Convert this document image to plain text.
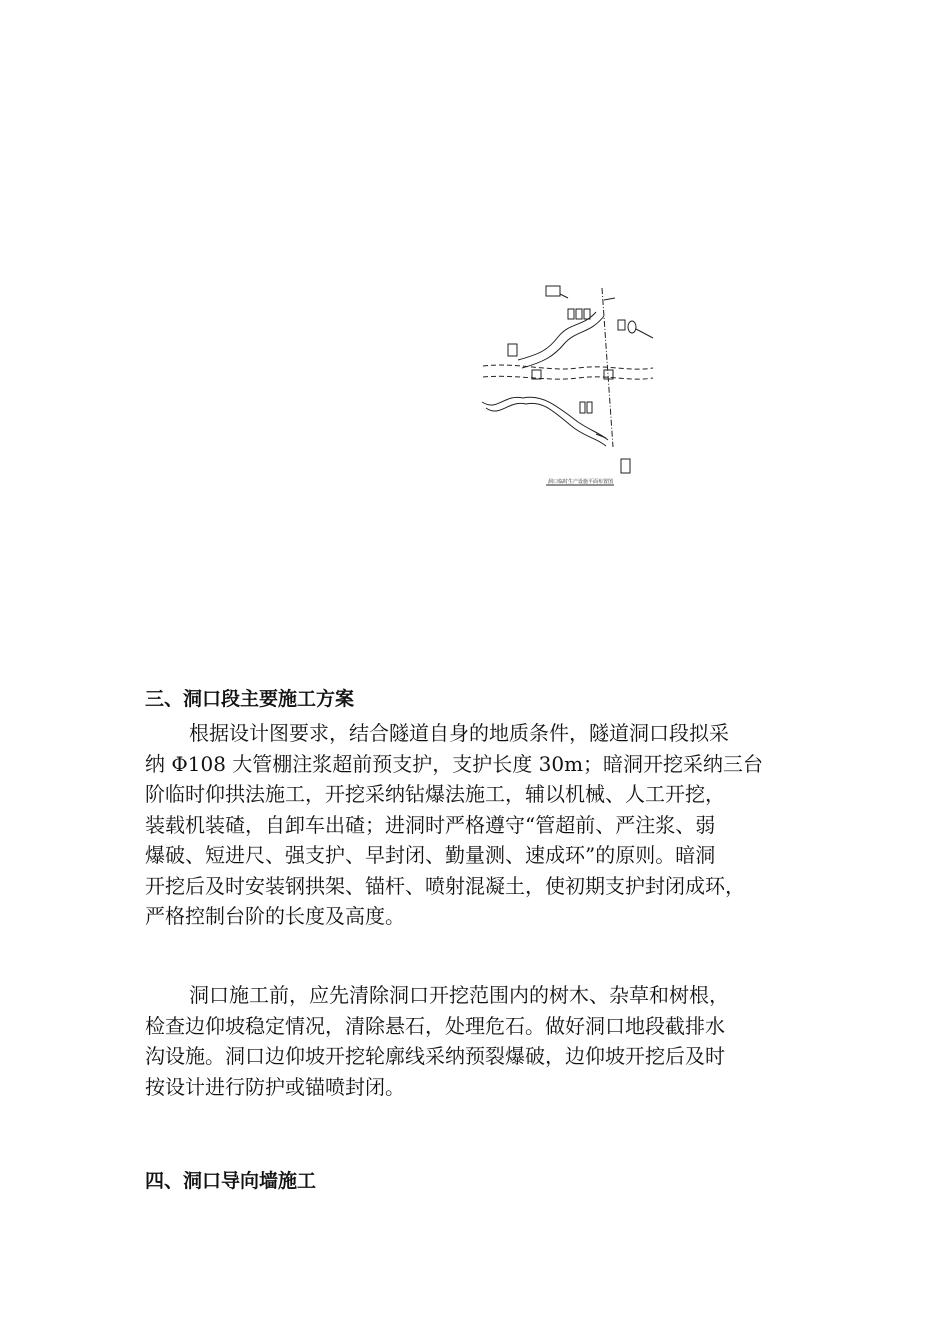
洞口临时生产设施平面布置图
三、洞口段主要施工方案

根据设计图要求，结合隧道自身的地质条件，隧道洞口段拟采
纳 Φ108 大管棚注浆超前预支护，支护长度 30m；暗洞开挖采纳三台
阶临时仰拱法施工，开挖采纳钻爆法施工，辅以机械、人工开挖，
装载机装碴，自卸车出碴；进洞时严格遵守“管超前、严注浆、弱
爆破、短进尺、强支护、早封闭、勤量测、速成环”的原则。暗洞
开挖后及时安装钢拱架、锚杆、喷射混凝土，使初期支护封闭成环，
严格控制台阶的长度及高度。

洞口施工前，应先清除洞口开挖范围内的树木、杂草和树根，
检查边仰坡稳定情况，清除悬石，处理危石。做好洞口地段截排水
沟设施。洞口边仰坡开挖轮廓线采纳预裂爆破，边仰坡开挖后及时
按设计进行防护或锚喷封闭。

四、洞口导向墙施工
